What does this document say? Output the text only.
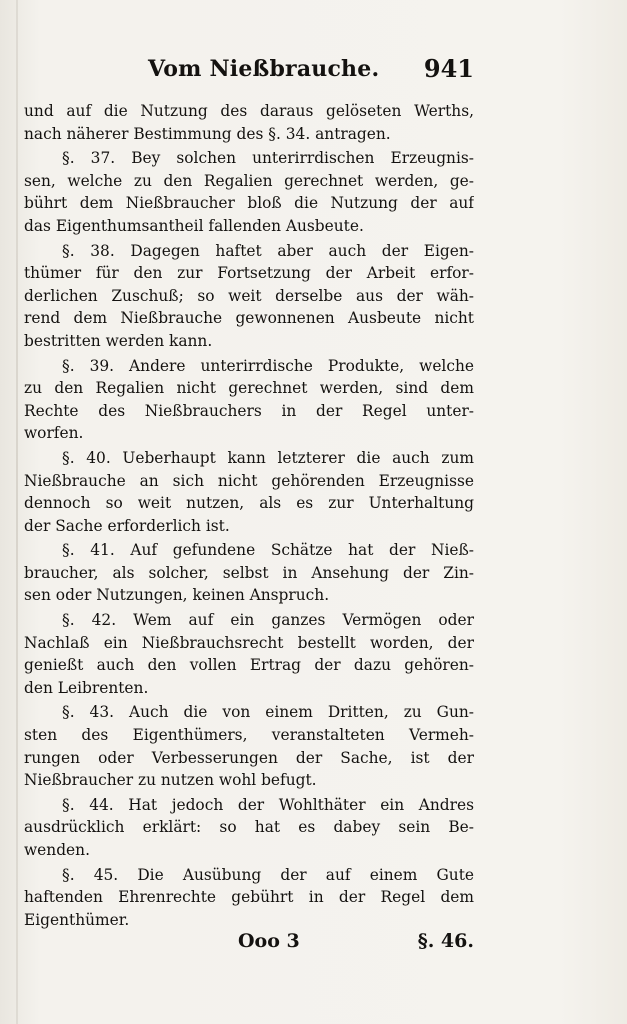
Vom Nießbrauche. 941
und auf die Nutzung des daraus gelöseten Werths,
nach näherer Bestimmung des §. 34. antragen.
§. 37. Bey solchen unterirrdischen Erzeugnis-
sen, welche zu den Regalien gerechnet werden, ge-
bührt dem Nießbraucher bloß die Nutzung der auf
das Eigenthumsantheil fallenden Ausbeute.
§. 38. Dagegen haftet aber auch der Eigen-
thümer für den zur Fortsetzung der Arbeit erfor-
derlichen Zuschuß; so weit derselbe aus der wäh-
rend dem Nießbrauche gewonnenen Ausbeute nicht
bestritten werden kann.
§. 39. Andere unterirrdische Produkte, welche
zu den Regalien nicht gerechnet werden, sind dem
Rechte des Nießbrauchers in der Regel unter-
worfen.
§. 40. Ueberhaupt kann letzterer die auch zum
Nießbrauche an sich nicht gehörenden Erzeugnisse
dennoch so weit nutzen, als es zur Unterhaltung
der Sache erforderlich ist.
§. 41. Auf gefundene Schätze hat der Nieß-
braucher, als solcher, selbst in Ansehung der Zin-
sen oder Nutzungen, keinen Anspruch.
§. 42. Wem auf ein ganzes Vermögen oder
Nachlaß ein Nießbrauchsrecht bestellt worden, der
genießt auch den vollen Ertrag der dazu gehören-
den Leibrenten.
§. 43. Auch die von einem Dritten, zu Gun-
sten des Eigenthümers, veranstalteten Vermeh-
rungen oder Verbesserungen der Sache, ist der
Nießbraucher zu nutzen wohl befugt.
§. 44. Hat jedoch der Wohlthäter ein Andres
ausdrücklich erklärt: so hat es dabey sein Be-
wenden.
§. 45. Die Ausübung der auf einem Gute
haftenden Ehrenrechte gebührt in der Regel dem
Eigenthümer.
Ooo 3	§. 46.
